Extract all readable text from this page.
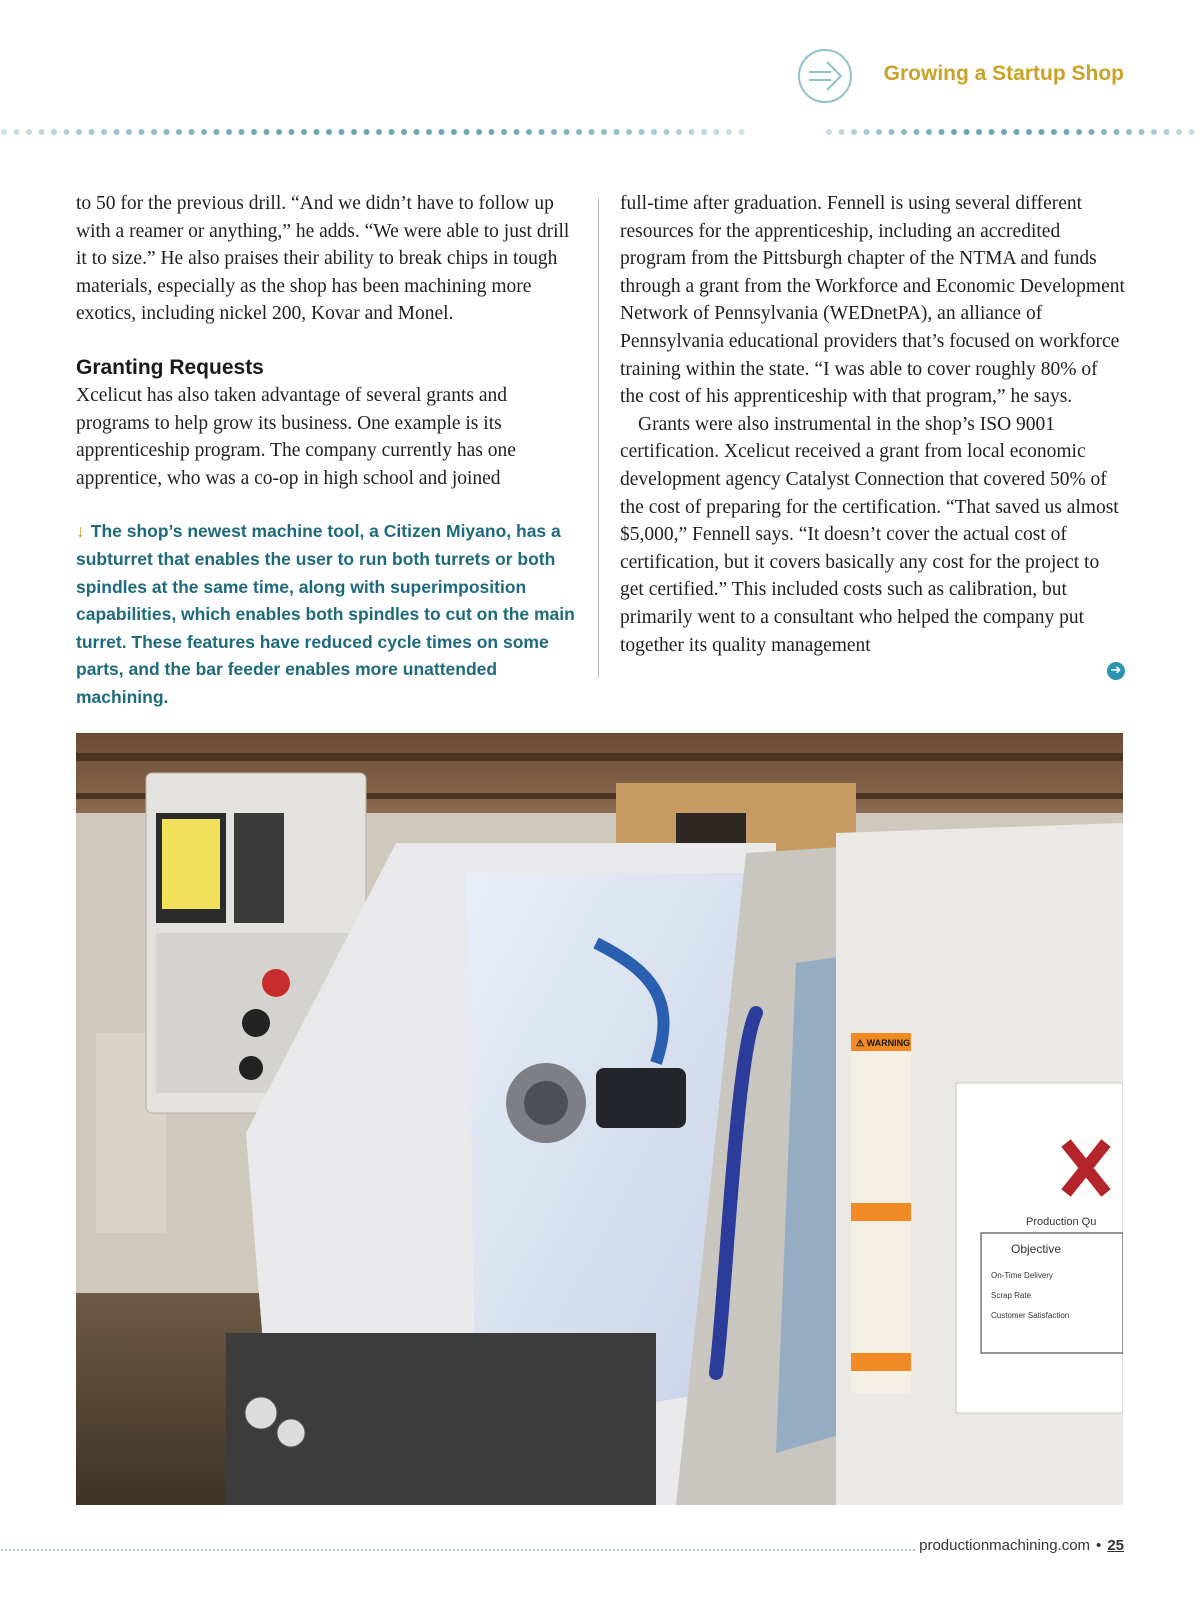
Growing a Startup Shop

to 50 for the previous drill. “And we didn’t have to follow up with a reamer or anything,” he adds. “We were able to just drill it to size.” He also praises their ability to break chips in tough materials, especially as the shop has been machining more exotics, including nickel 200, Kovar and Monel.

Granting Requests

Xcelicut has also taken advantage of several grants and programs to help grow its business. One example is its apprenticeship program. The company currently has one apprentice, who was a co-op in high school and joined

↓ The shop’s newest machine tool, a Citizen Miyano, has a subturret that enables the user to run both turrets or both spindles at the same time, along with superimposition capabilities, which enables both spindles to cut on the main turret. These features have reduced cycle times on some parts, and the bar feeder enables more unattended machining.

full-time after graduation. Fennell is using several different resources for the apprenticeship, including an accredited program from the Pittsburgh chapter of the NTMA and funds through a grant from the Workforce and Economic Development Network of Pennsylvania (WEDnetPA), an alliance of Pennsylvania educational providers that’s focused on workforce training within the state. “I was able to cover roughly 80% of the cost of his apprenticeship with that program,” he says.

Grants were also instrumental in the shop’s ISO 9001 certification. Xcelicut received a grant from local economic development agency Catalyst Connection that covered 50% of the cost of preparing for the certification. “That saved us almost $5,000,” Fennell says. “It doesn’t cover the actual cost of certification, but it covers basically any cost for the project to get certified.” This included costs such as calibration, but primarily went to a consultant who helped the company put together its quality management

➔
⚠ WARNING
Production Qu
Objective
On-Time Delivery
Scrap Rate
Customer Satisfaction
productionmachining.com • 25
